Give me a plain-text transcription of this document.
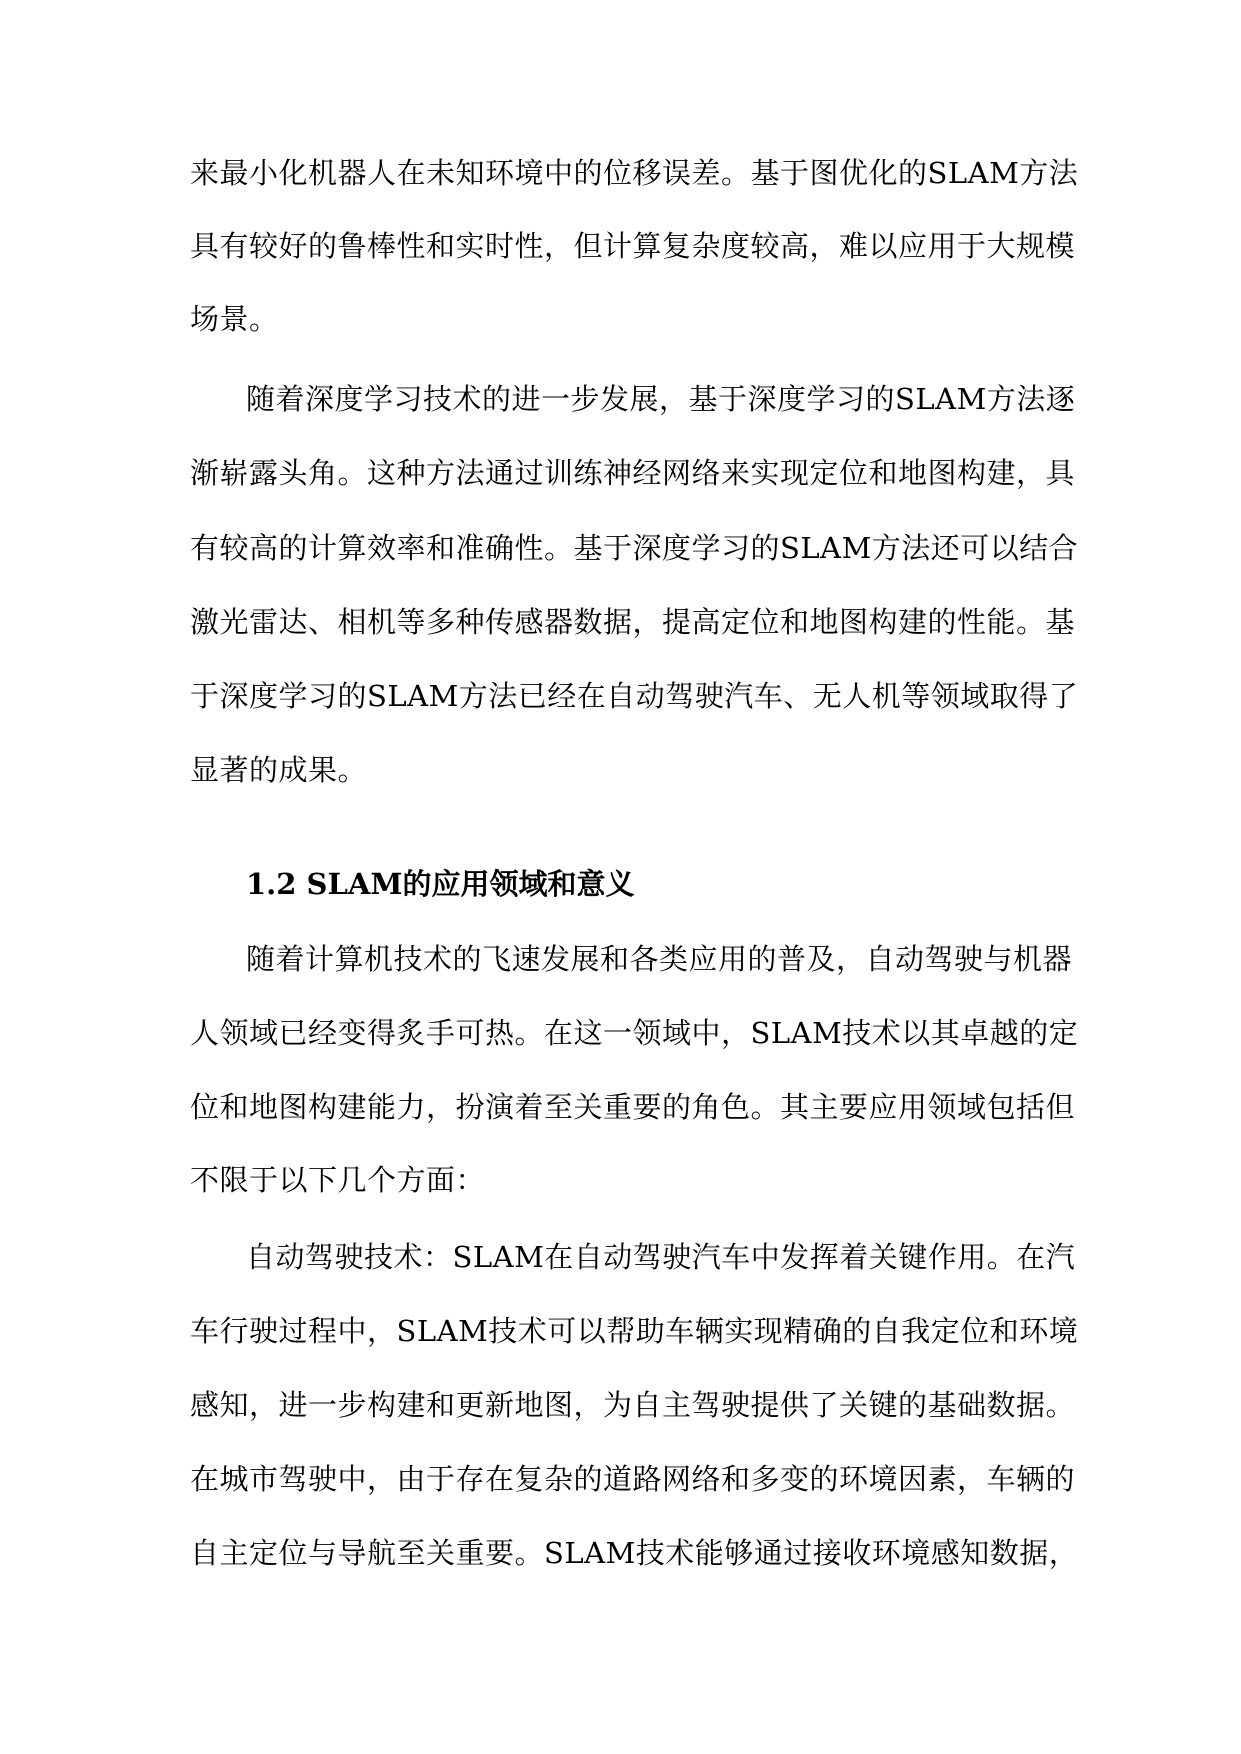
来最小化机器人在未知环境中的位移误差。基于图优化的SLAM方法
具有较好的鲁棒性和实时性，但计算复杂度较高，难以应用于大规模
场景。
随着深度学习技术的进一步发展，基于深度学习的SLAM方法逐
渐崭露头角。这种方法通过训练神经网络来实现定位和地图构建，具
有较高的计算效率和准确性。基于深度学习的SLAM方法还可以结合
激光雷达、相机等多种传感器数据，提高定位和地图构建的性能。基
于深度学习的SLAM方法已经在自动驾驶汽车、无人机等领域取得了
显著的成果。
1.2 SLAM的应用领域和意义
随着计算机技术的飞速发展和各类应用的普及，自动驾驶与机器
人领域已经变得炙手可热。在这一领域中，SLAM技术以其卓越的定
位和地图构建能力，扮演着至关重要的角色。其主要应用领域包括但
不限于以下几个方面：
自动驾驶技术：SLAM在自动驾驶汽车中发挥着关键作用。在汽
车行驶过程中，SLAM技术可以帮助车辆实现精确的自我定位和环境
感知，进一步构建和更新地图，为自主驾驶提供了关键的基础数据。
在城市驾驶中，由于存在复杂的道路网络和多变的环境因素，车辆的
自主定位与导航至关重要。SLAM技术能够通过接收环境感知数据，
